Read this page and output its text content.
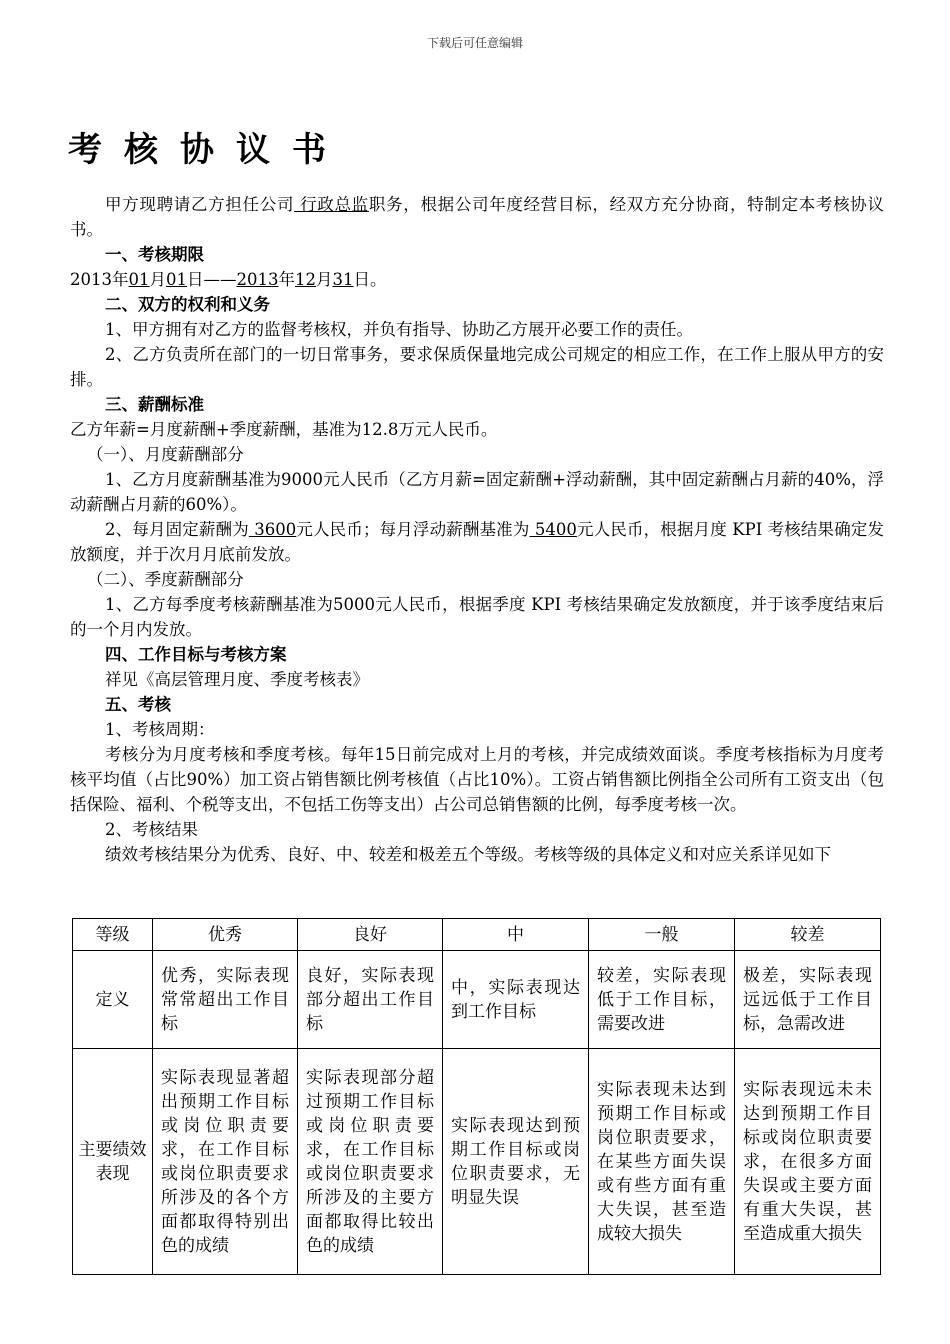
下载后可任意编辑
考核协议书

甲方现聘请乙方担任公司 行政总监职务，根据公司年度经营目标，经双方充分协商，特制定本考核协议书。

一、考核期限

2013年01月01日——2013年12月31日。

二、双方的权利和义务

1、甲方拥有对乙方的监督考核权，并负有指导、协助乙方展开必要工作的责任。

2、乙方负责所在部门的一切日常事务，要求保质保量地完成公司规定的相应工作，在工作上服从甲方的安排。

三、薪酬标准

乙方年薪=月度薪酬+季度薪酬，基准为12.8万元人民币。

（一）、月度薪酬部分

1、乙方月度薪酬基准为9000元人民币（乙方月薪=固定薪酬+浮动薪酬，其中固定薪酬占月薪的40%，浮动薪酬占月薪的60%）。

2、每月固定薪酬为 3600元人民币；每月浮动薪酬基准为 5400元人民币，根据月度 KPI 考核结果确定发放额度，并于次月月底前发放。

（二）、季度薪酬部分

1、乙方每季度考核薪酬基准为5000元人民币，根据季度 KPI 考核结果确定发放额度，并于该季度结束后的一个月内发放。

四、工作目标与考核方案

祥见《高层管理月度、季度考核表》

五、考核

1、考核周期：

考核分为月度考核和季度考核。每年15日前完成对上月的考核，并完成绩效面谈。季度考核指标为月度考核平均值（占比90%）加工资占销售额比例考核值（占比10%）。工资占销售额比例指全公司所有工资支出（包括保险、福利、个税等支出，不包括工伤等支出）占公司总销售额的比例，每季度考核一次。

2、考核结果

绩效考核结果分为优秀、良好、中、较差和极差五个等级。考核等级的具体定义和对应关系详见如下

等级	优秀	良好	中	一般	较差
定义	优秀，实际表现常常超出工作目标	良好，实际表现部分超出工作目标	中，实际表现达到工作目标	较差，实际表现低于工作目标，需要改进	极差，实际表现远远低于工作目标，急需改进
主要绩效表现	实际表现显著超出预期工作目标或岗位职责要求，在工作目标或岗位职责要求所涉及的各个方面都取得特别出色的成绩	实际表现部分超过预期工作目标或岗位职责要求，在工作目标或岗位职责要求所涉及的主要方面都取得比较出色的成绩	实际表现达到预期工作目标或岗位职责要求，无明显失误	实际表现未达到预期工作目标或岗位职责要求，在某些方面失误或有些方面有重大失误，甚至造成较大损失	实际表现远未未达到预期工作目标或岗位职责要求，在很多方面失误或主要方面有重大失误，甚至造成重大损失
